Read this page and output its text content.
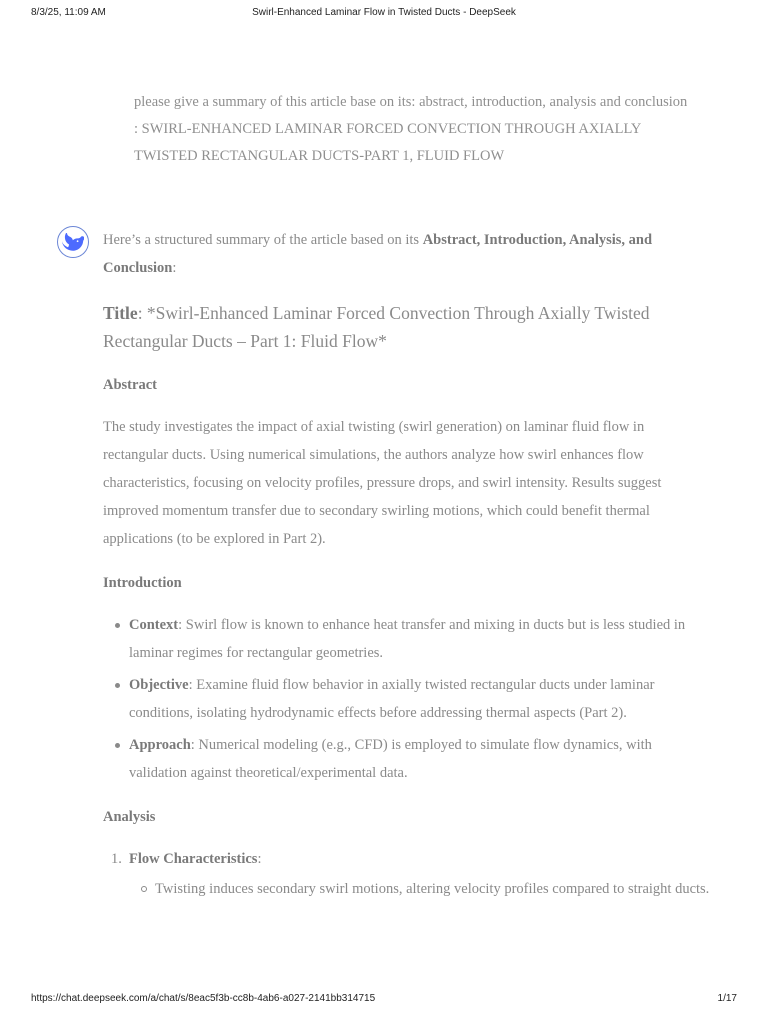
8/3/25, 11:09 AM	Swirl-Enhanced Laminar Flow in Twisted Ducts - DeepSeek
please give a summary of this article base on its: abstract, introduction, analysis and conclusion : SWIRL-ENHANCED LAMINAR FORCED CONVECTION THROUGH AXIALLY TWISTED RECTANGULAR DUCTS-PART 1, FLUID FLOW

Here’s a structured summary of the article based on its Abstract, Introduction, Analysis, and Conclusion:

Title: *Swirl-Enhanced Laminar Forced Convection Through Axially Twisted Rectangular Ducts – Part 1: Fluid Flow*

Abstract

The study investigates the impact of axial twisting (swirl generation) on laminar fluid flow in rectangular ducts. Using numerical simulations, the authors analyze how swirl enhances flow characteristics, focusing on velocity profiles, pressure drops, and swirl intensity. Results suggest improved momentum transfer due to secondary swirling motions, which could benefit thermal applications (to be explored in Part 2).

Introduction

Context: Swirl flow is known to enhance heat transfer and mixing in ducts but is less studied in laminar regimes for rectangular geometries.
Objective: Examine fluid flow behavior in axially twisted rectangular ducts under laminar conditions, isolating hydrodynamic effects before addressing thermal aspects (Part 2).
Approach: Numerical modeling (e.g., CFD) is employed to simulate flow dynamics, with validation against theoretical/experimental data.

Analysis

1. Flow Characteristics:
Twisting induces secondary swirl motions, altering velocity profiles compared to straight ducts.
https://chat.deepseek.com/a/chat/s/8eac5f3b-cc8b-4ab6-a027-2141bb314715	1/17
